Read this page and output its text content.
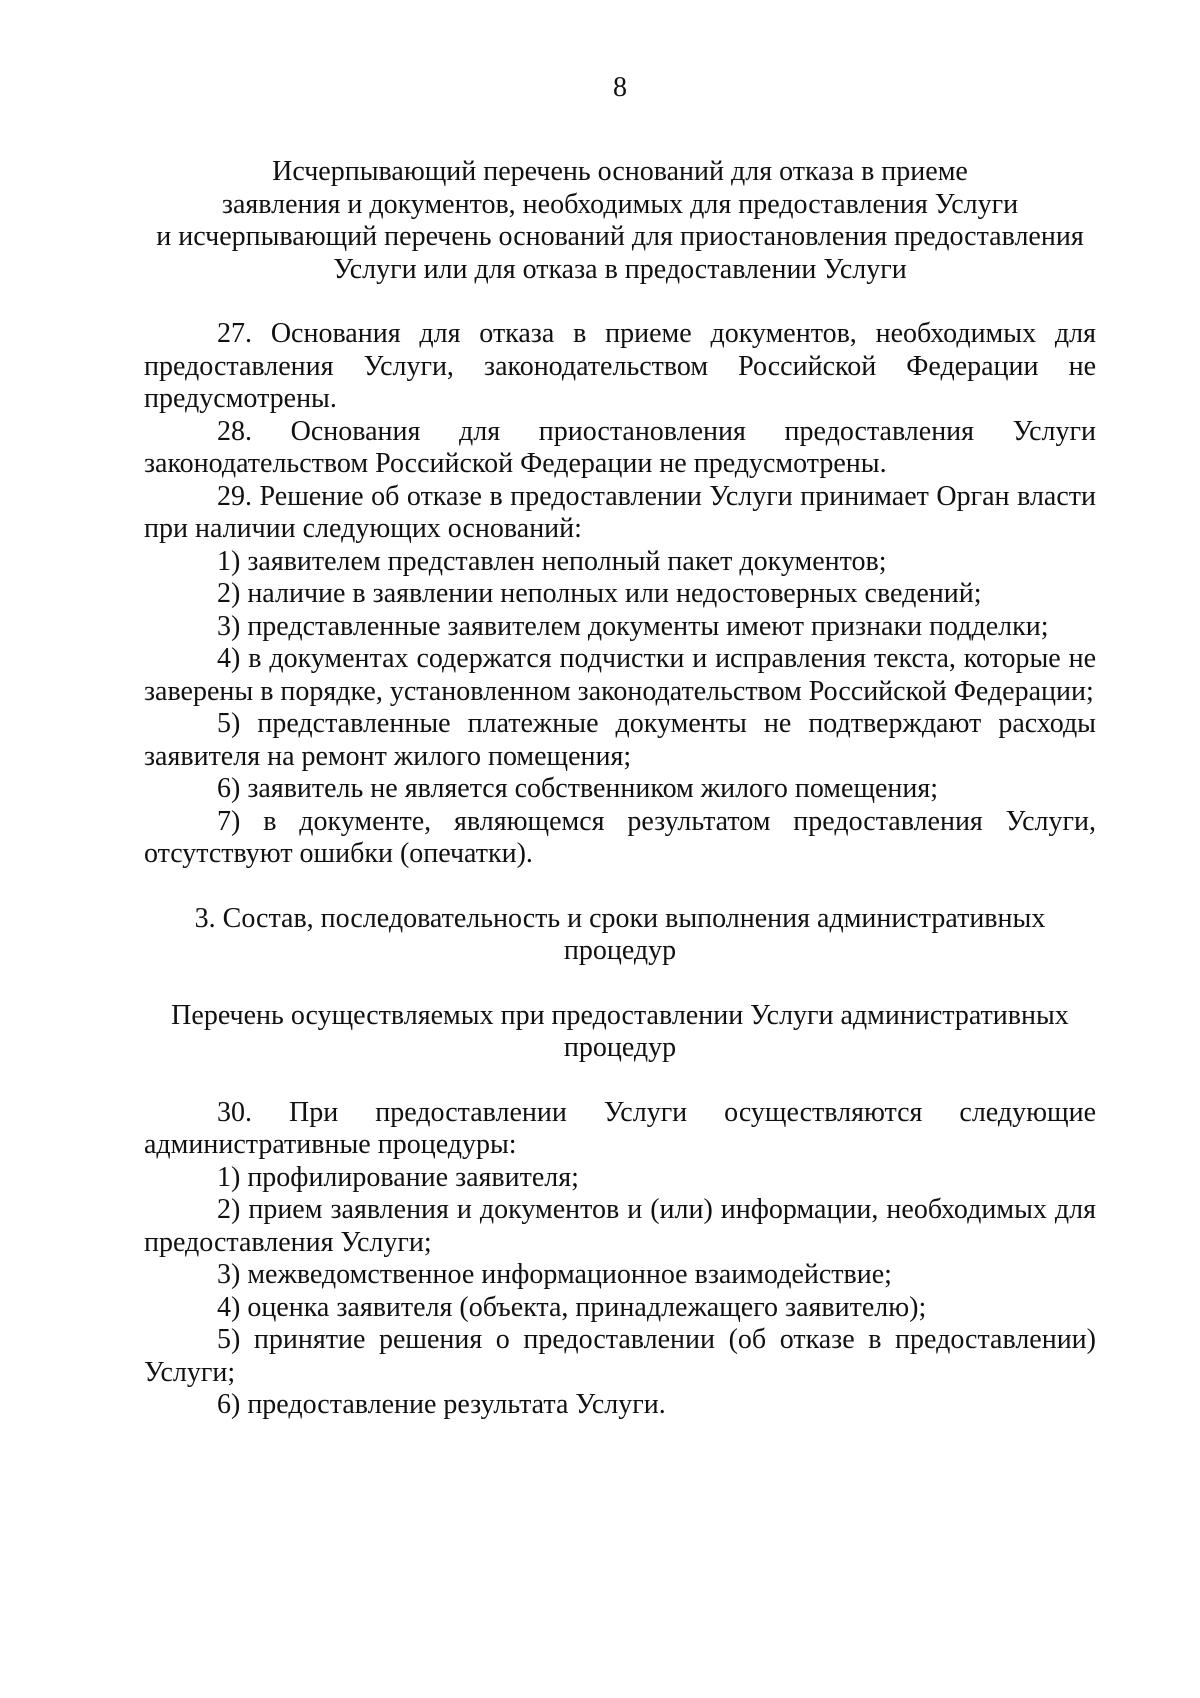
8

Исчерпывающий перечень оснований для отказа в приеме
заявления и документов, необходимых для предоставления Услуги
и исчерпывающий перечень оснований для приостановления предоставления
Услуги или для отказа в предоставлении Услуги

27. Основания для отказа в приеме документов, необходимых для предоставления Услуги, законодательством Российской Федерации не предусмотрены.

28. Основания для приостановления предоставления Услуги законодательством Российской Федерации не предусмотрены.

29. Решение об отказе в предоставлении Услуги принимает Орган власти при наличии следующих оснований:

1) заявителем представлен неполный пакет документов;

2) наличие в заявлении неполных или недостоверных сведений;

3) представленные заявителем документы имеют признаки подделки;

4) в документах содержатся подчистки и исправления текста, которые не заверены в порядке, установленном законодательством Российской Федерации;

5) представленные платежные документы не подтверждают расходы заявителя на ремонт жилого помещения;

6) заявитель не является собственником жилого помещения;

7) в документе, являющемся результатом предоставления Услуги, отсутствуют ошибки (опечатки).

3. Состав, последовательность и сроки выполнения административных
процедур
Перечень осуществляемых при предоставлении Услуги административных
процедур

30. При предоставлении Услуги осуществляются следующие административные процедуры:

1) профилирование заявителя;

2) прием заявления и документов и (или) информации, необходимых для предоставления Услуги;

3) межведомственное информационное взаимодействие;

4) оценка заявителя (объекта, принадлежащего заявителю);

5) принятие решения о предоставлении (об отказе в предоставлении) Услуги;

6) предоставление результата Услуги.
